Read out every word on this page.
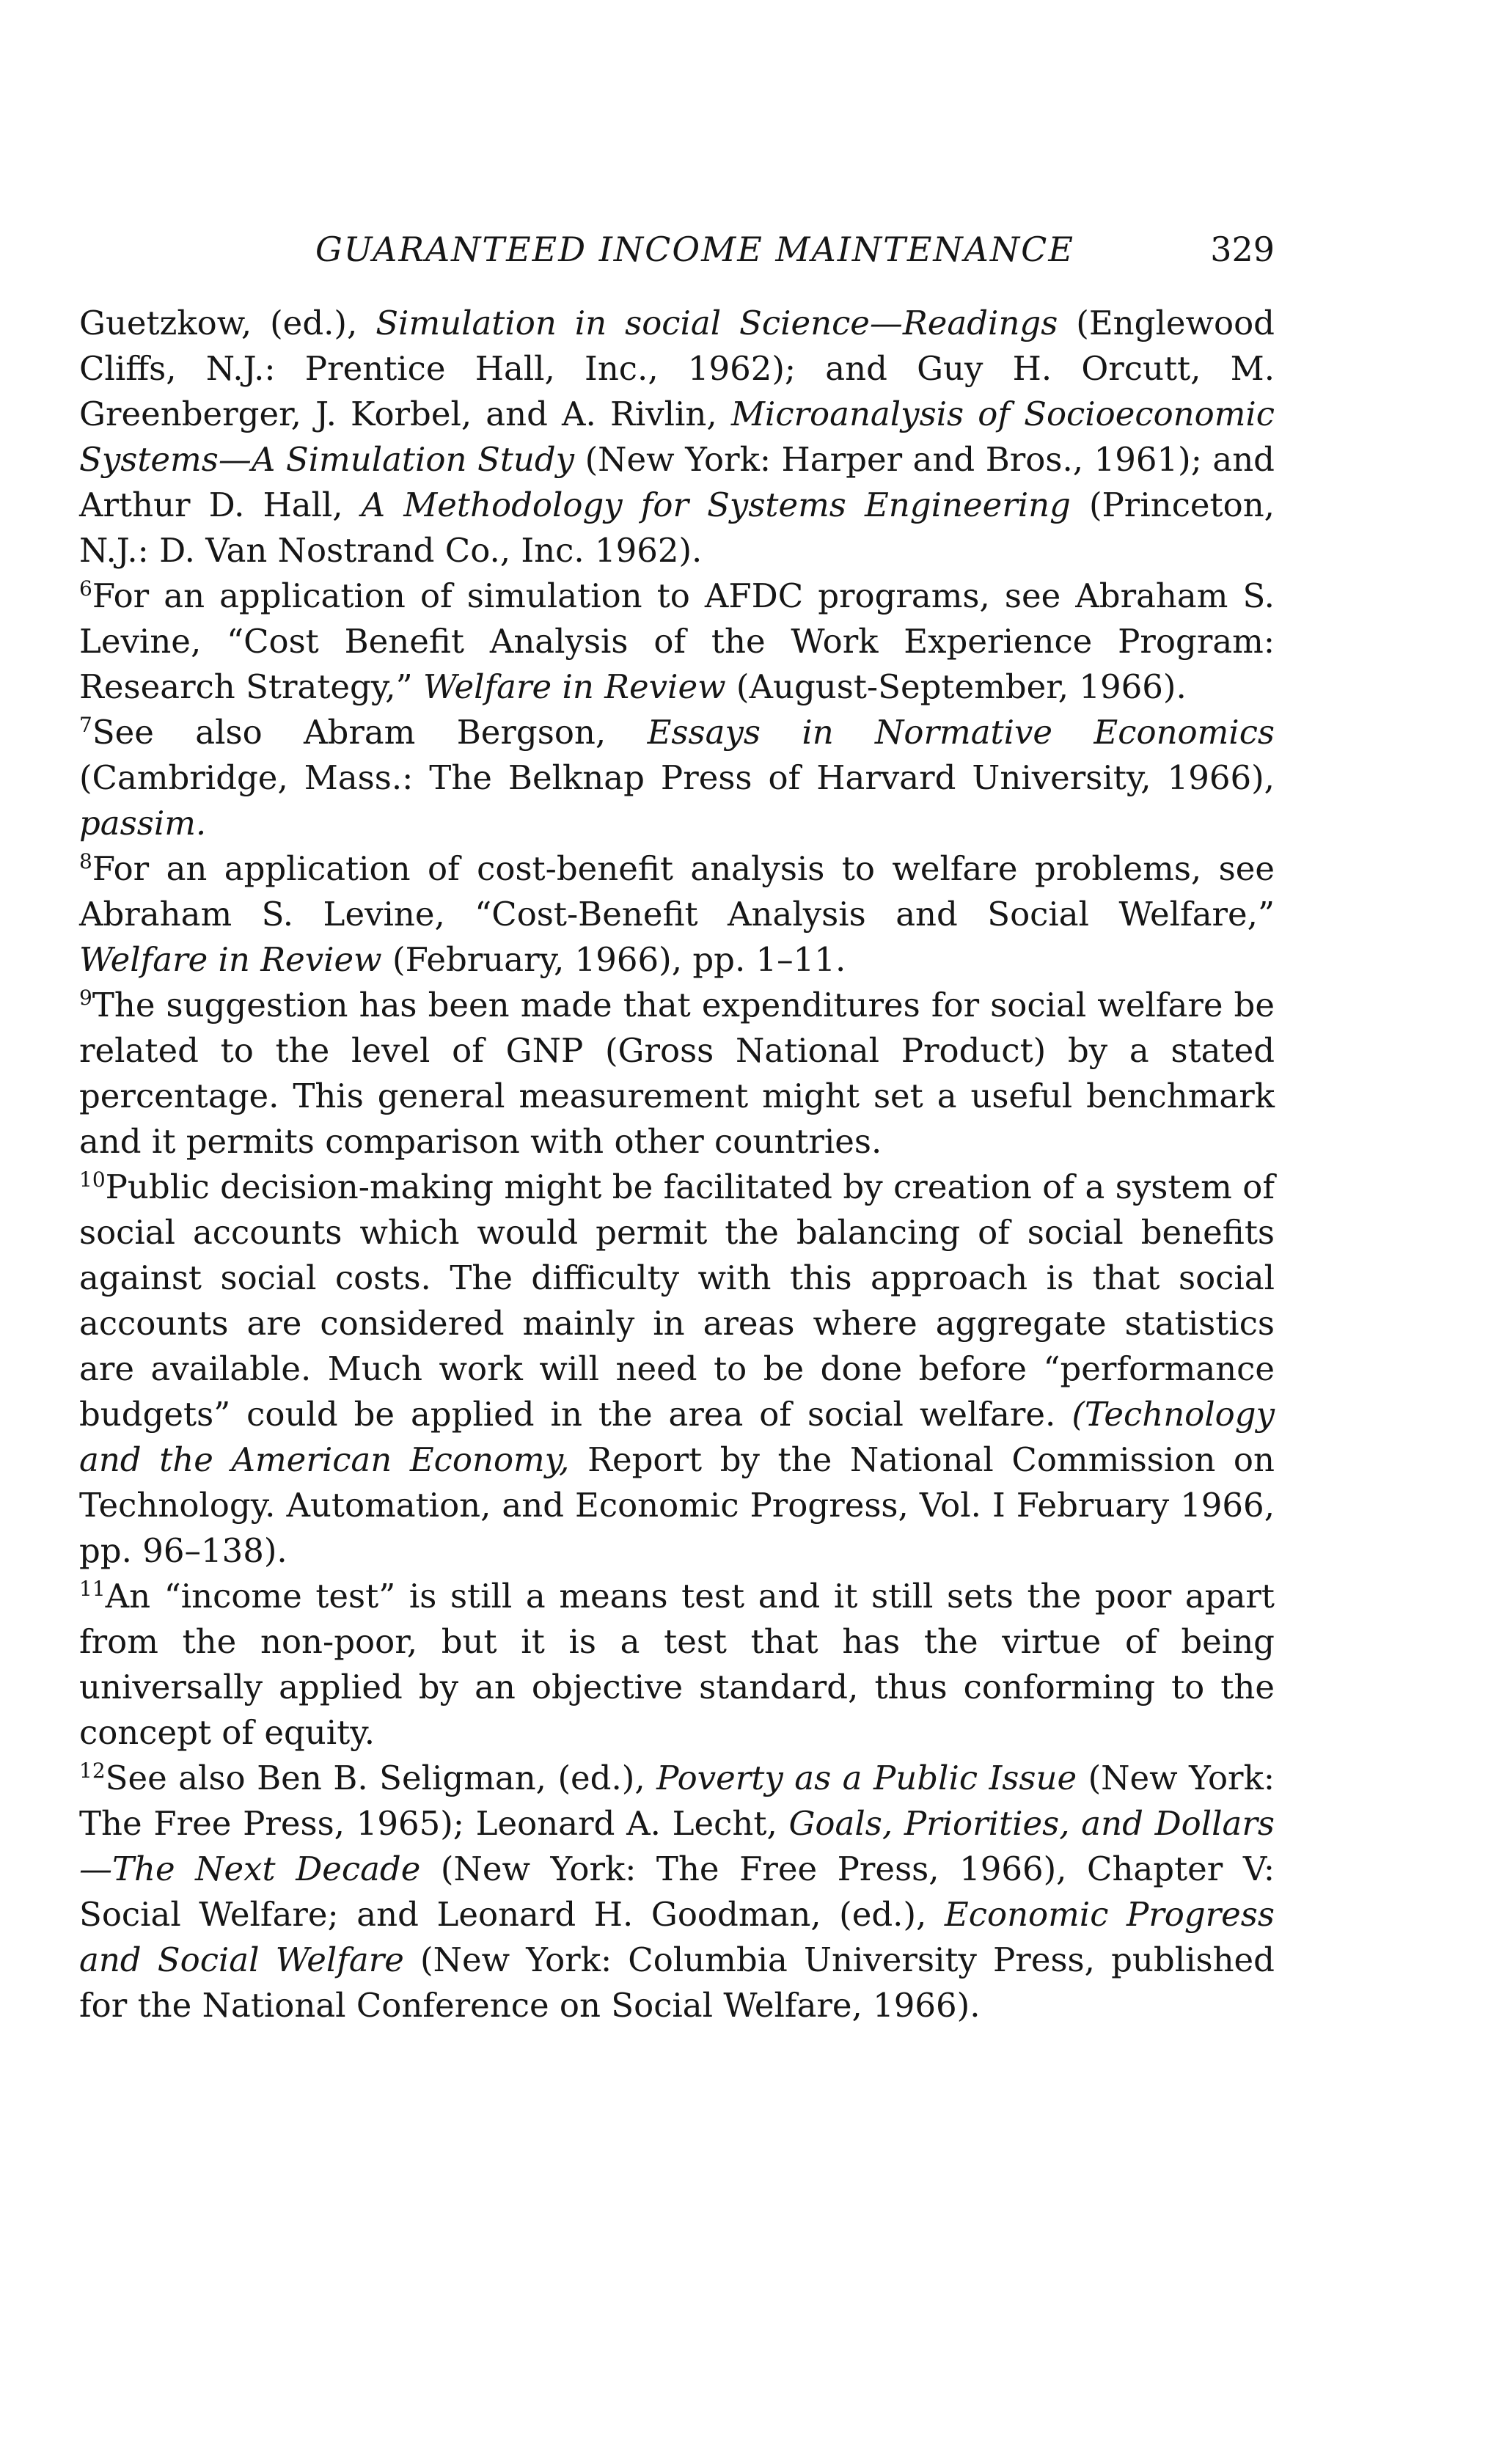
GUARANTEED INCOME MAINTENANCE	329

Guetzkow, (ed.), Simulation in social Science—Readings (Englewood Cliffs, N.J.: Prentice Hall, Inc., 1962); and Guy H. Orcutt, M. Greenberger, J. Korbel, and A. Rivlin, Microanalysis of Socioeconomic Systems—A Simulation Study (New York: Harper and Bros., 1961); and Arthur D. Hall, A Methodology for Systems Engineering (Princeton, N.J.: D. Van Nostrand Co., Inc. 1962).

$^6$For an application of simulation to AFDC programs, see Abraham S. Levine, “Cost Benefit Analysis of the Work Experience Program: Research Strategy,” Welfare in Review (August-September, 1966).

$^7$See also Abram Bergson, Essays in Normative Economics (Cambridge, Mass.: The Belknap Press of Harvard University, 1966), passim.

$^8$For an application of cost-benefit analysis to welfare problems, see Abraham S. Levine, “Cost-Benefit Analysis and Social Welfare,” Welfare in Review (February, 1966), pp. 1–11.

$^9$The suggestion has been made that expenditures for social welfare be related to the level of GNP (Gross National Product) by a stated percentage. This general measurement might set a useful benchmark and it permits comparison with other countries.

$^{10}$Public decision-making might be facilitated by creation of a system of social accounts which would permit the balancing of social benefits against social costs. The difficulty with this approach is that social accounts are considered mainly in areas where aggregate statistics are available. Much work will need to be done before “performance budgets” could be applied in the area of social welfare. (Technology and the American Economy, Report by the National Commission on Technology. Automation, and Economic Progress, Vol. I February 1966, pp. 96–138).

$^{11}$An “income test” is still a means test and it still sets the poor apart from the non-poor, but it is a test that has the virtue of being universally applied by an objective standard, thus conforming to the concept of equity.

$^{12}$See also Ben B. Seligman, (ed.), Poverty as a Public Issue (New York: The Free Press, 1965); Leonard A. Lecht, Goals, Priorities, and Dollars—The Next Decade (New York: The Free Press, 1966), Chapter V: Social Welfare; and Leonard H. Goodman, (ed.), Economic Progress and Social Welfare (New York: Columbia University Press, published for the National Conference on Social Welfare, 1966).
